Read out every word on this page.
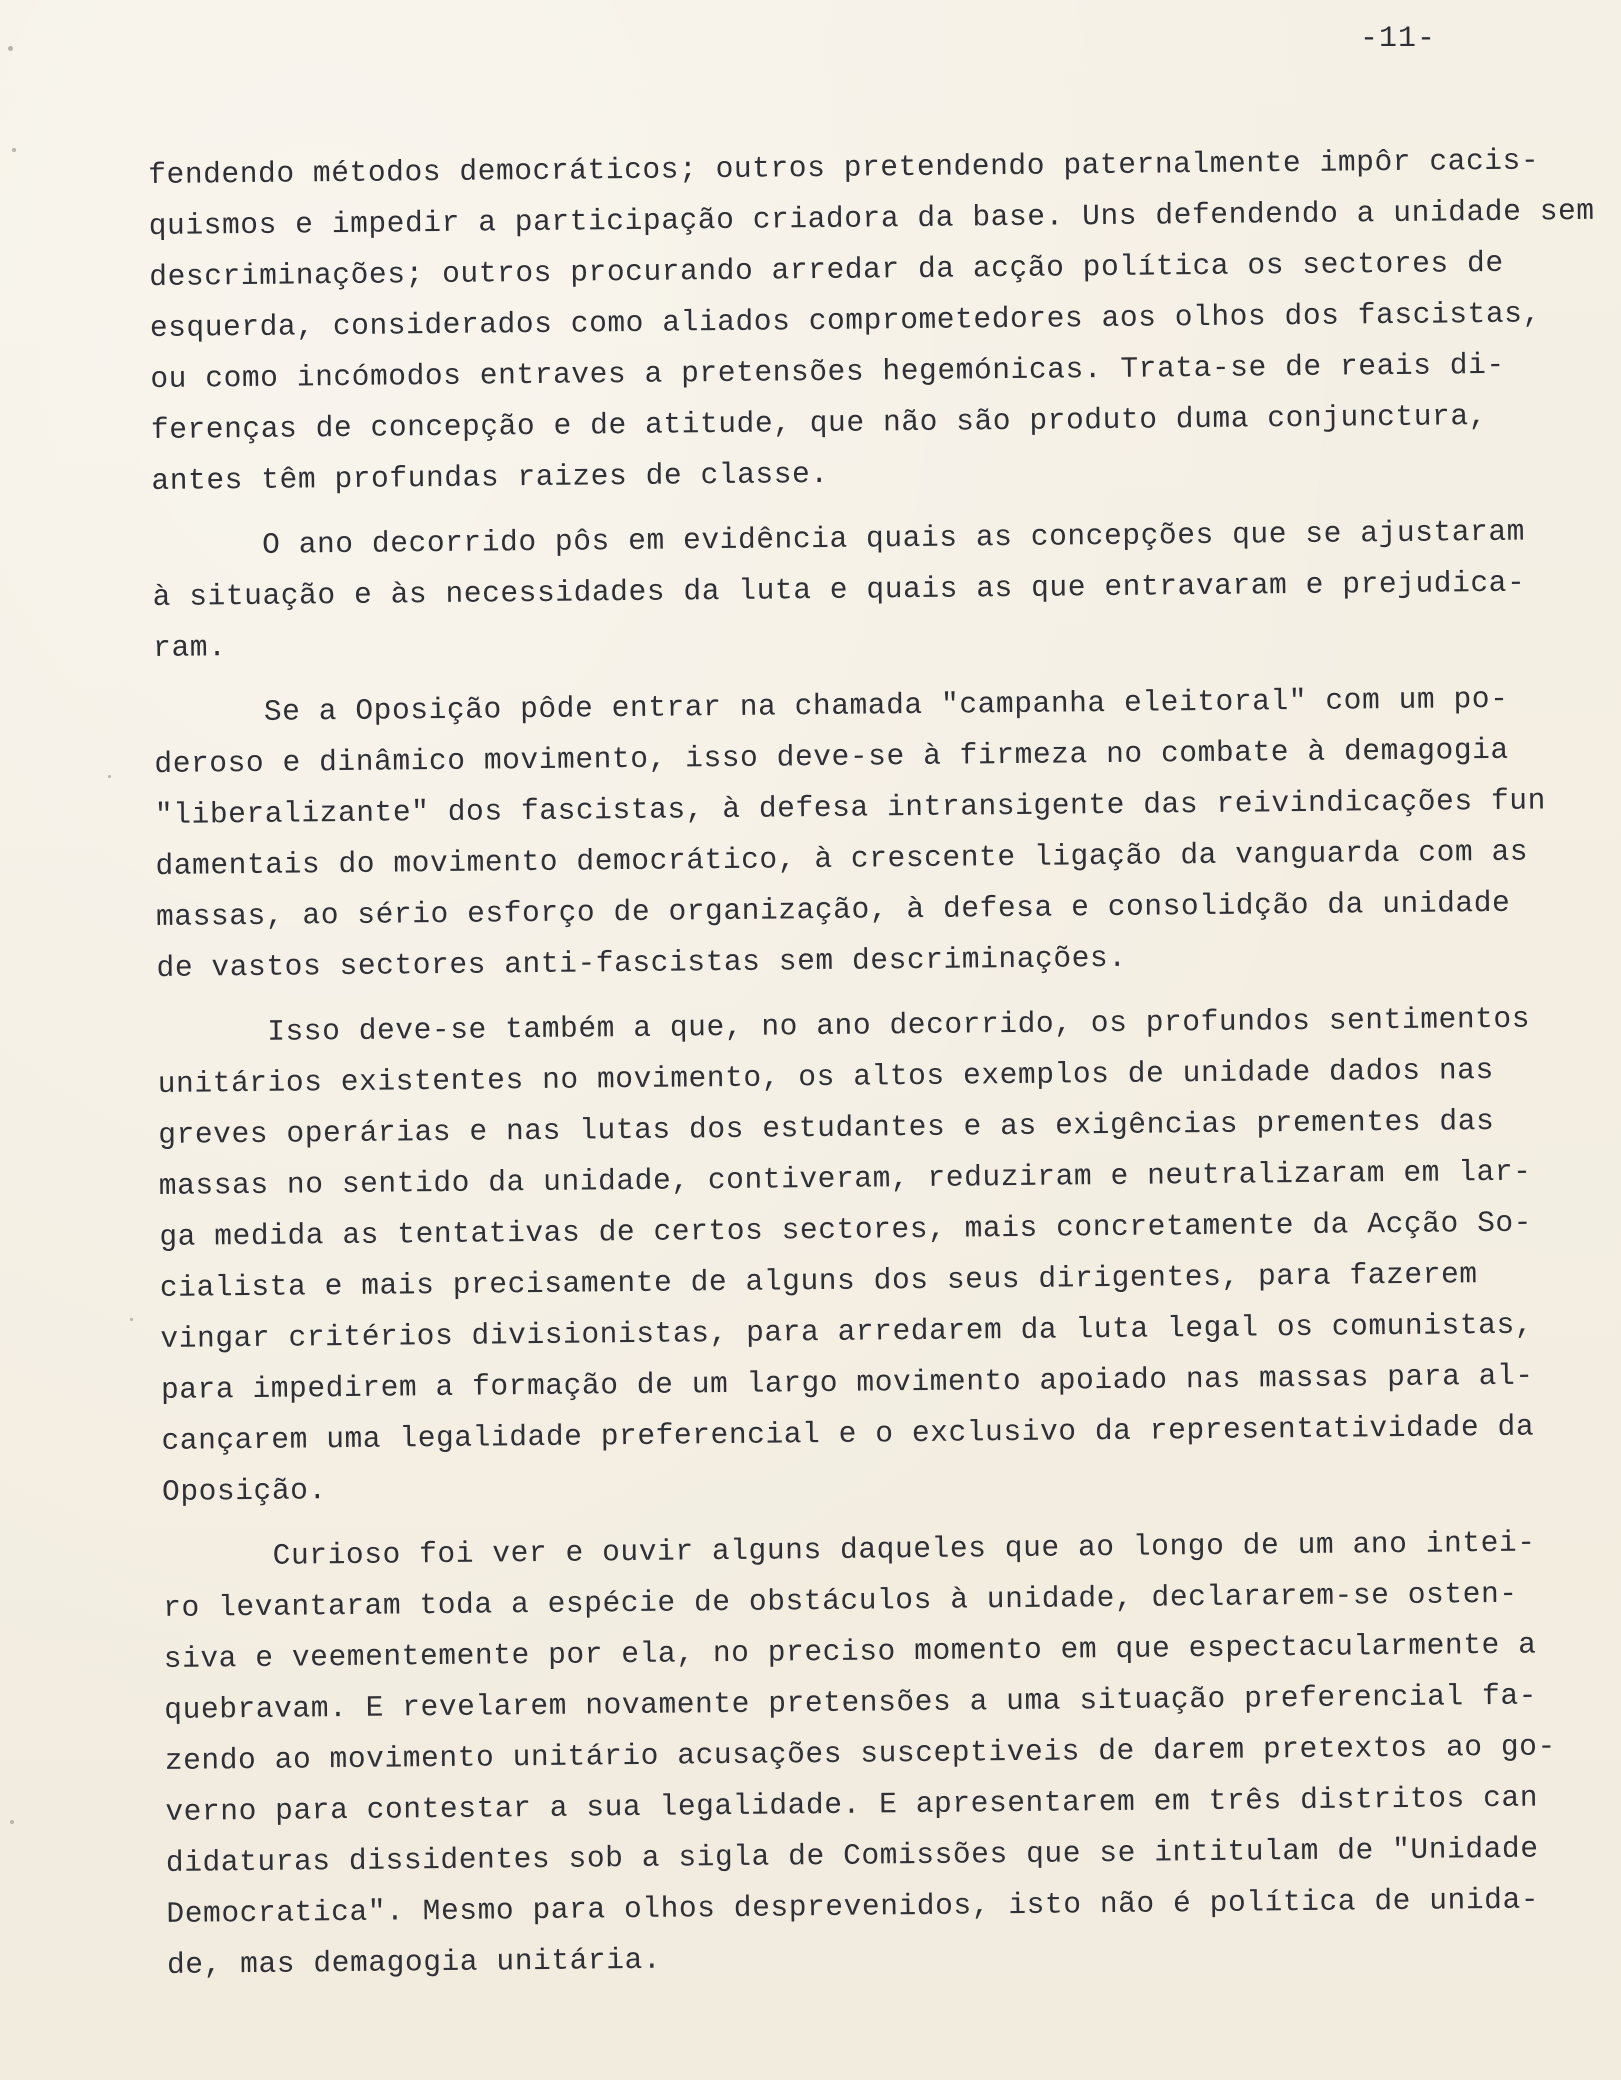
-11-

fendendo métodos democráticos; outros pretendendo paternalmente impôr cacis-
quismos e impedir a participação criadora da base. Uns defendendo a unidade sem
descriminações; outros procurando arredar da acção política os sectores de
esquerda, considerados como aliados comprometedores aos olhos dos fascistas,
ou como incómodos entraves a pretensões hegemónicas. Trata-se de reais di-
ferenças de concepção e de atitude, que não são produto duma conjunctura,
antes têm profundas raizes de classe.

O ano decorrido pôs em evidência quais as concepções que se ajustaram
à situação e às necessidades da luta e quais as que entravaram e prejudica-
ram.

Se a Oposição pôde entrar na chamada "campanha eleitoral" com um po-
deroso e dinâmico movimento, isso deve-se à firmeza no combate à demagogia
"liberalizante" dos fascistas, à defesa intransigente das reivindicações fun
damentais do movimento democrático, à crescente ligação da vanguarda com as
massas, ao sério esforço de organização, à defesa e consolidção da unidade
de vastos sectores anti-fascistas sem descriminações.

Isso deve-se também a que, no ano decorrido, os profundos sentimentos
unitários existentes no movimento, os altos exemplos de unidade dados nas
greves operárias e nas lutas dos estudantes e as exigências prementes das
massas no sentido da unidade, contiveram, reduziram e neutralizaram em lar-
ga medida as tentativas de certos sectores, mais concretamente da Acção So-
cialista e mais precisamente de alguns dos seus dirigentes, para fazerem
vingar critérios divisionistas, para arredarem da luta legal os comunistas,
para impedirem a formação de um largo movimento apoiado nas massas para al-
cançarem uma legalidade preferencial e o exclusivo da representatividade da
Oposição.

Curioso foi ver e ouvir alguns daqueles que ao longo de um ano intei-
ro levantaram toda a espécie de obstáculos à unidade, declararem-se osten-
siva e veementemente por ela, no preciso momento em que espectacularmente a
quebravam. E revelarem novamente pretensões a uma situação preferencial fa-
zendo ao movimento unitário acusações susceptiveis de darem pretextos ao go-
verno para contestar a sua legalidade. E apresentarem em três distritos can
didaturas dissidentes sob a sigla de Comissões que se intitulam de "Unidade
Democratica". Mesmo para olhos desprevenidos, isto não é política de unida-
de, mas demagogia unitária.
